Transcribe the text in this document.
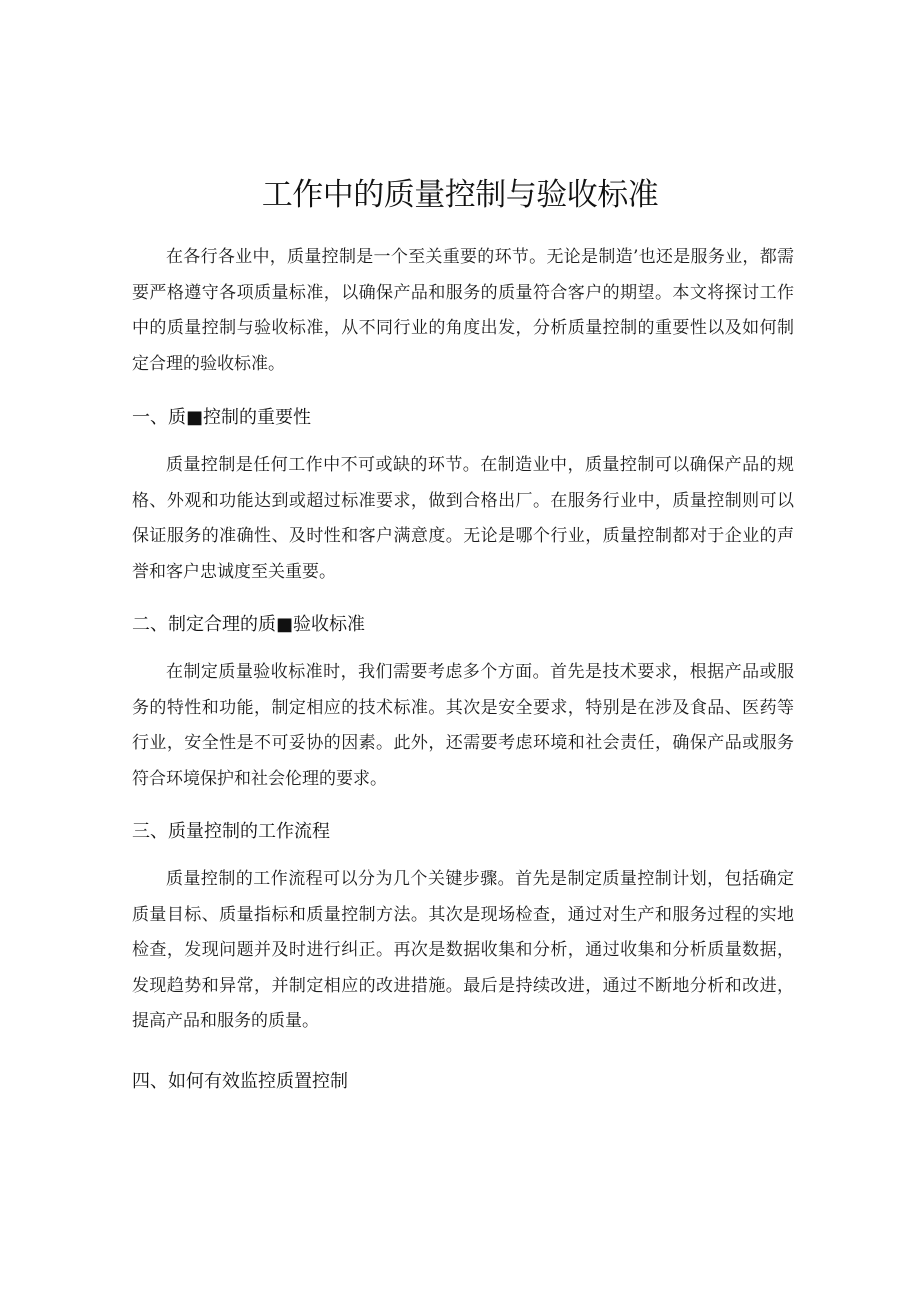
工作中的质量控制与验收标准

在各行各业中，质量控制是一个至关重要的环节。无论是制造’也还是服务业，都需要严格遵守各项质量标准，以确保产品和服务的质量符合客户的期望。本文将探讨工作中的质量控制与验收标准，从不同行业的角度出发，分析质量控制的重要性以及如何制定合理的验收标准。

一、质■控制的重要性

质量控制是任何工作中不可或缺的环节。在制造业中，质量控制可以确保产品的规格、外观和功能达到或超过标准要求，做到合格出厂。在服务行业中，质量控制则可以保证服务的准确性、及时性和客户满意度。无论是哪个行业，质量控制都对于企业的声誉和客户忠诚度至关重要。

二、制定合理的质■验收标准

在制定质量验收标准时，我们需要考虑多个方面。首先是技术要求，根据产品或服务的特性和功能，制定相应的技术标准。其次是安全要求，特别是在涉及食品、医药等行业，安全性是不可妥协的因素。此外，还需要考虑环境和社会责任，确保产品或服务符合环境保护和社会伦理的要求。

三、质量控制的工作流程

质量控制的工作流程可以分为几个关键步骤。首先是制定质量控制计划，包括确定质量目标、质量指标和质量控制方法。其次是现场检查，通过对生产和服务过程的实地检查，发现问题并及时进行纠正。再次是数据收集和分析，通过收集和分析质量数据，发现趋势和异常，并制定相应的改进措施。最后是持续改进，通过不断地分析和改进，提高产品和服务的质量。

四、如何有效监控质置控制
